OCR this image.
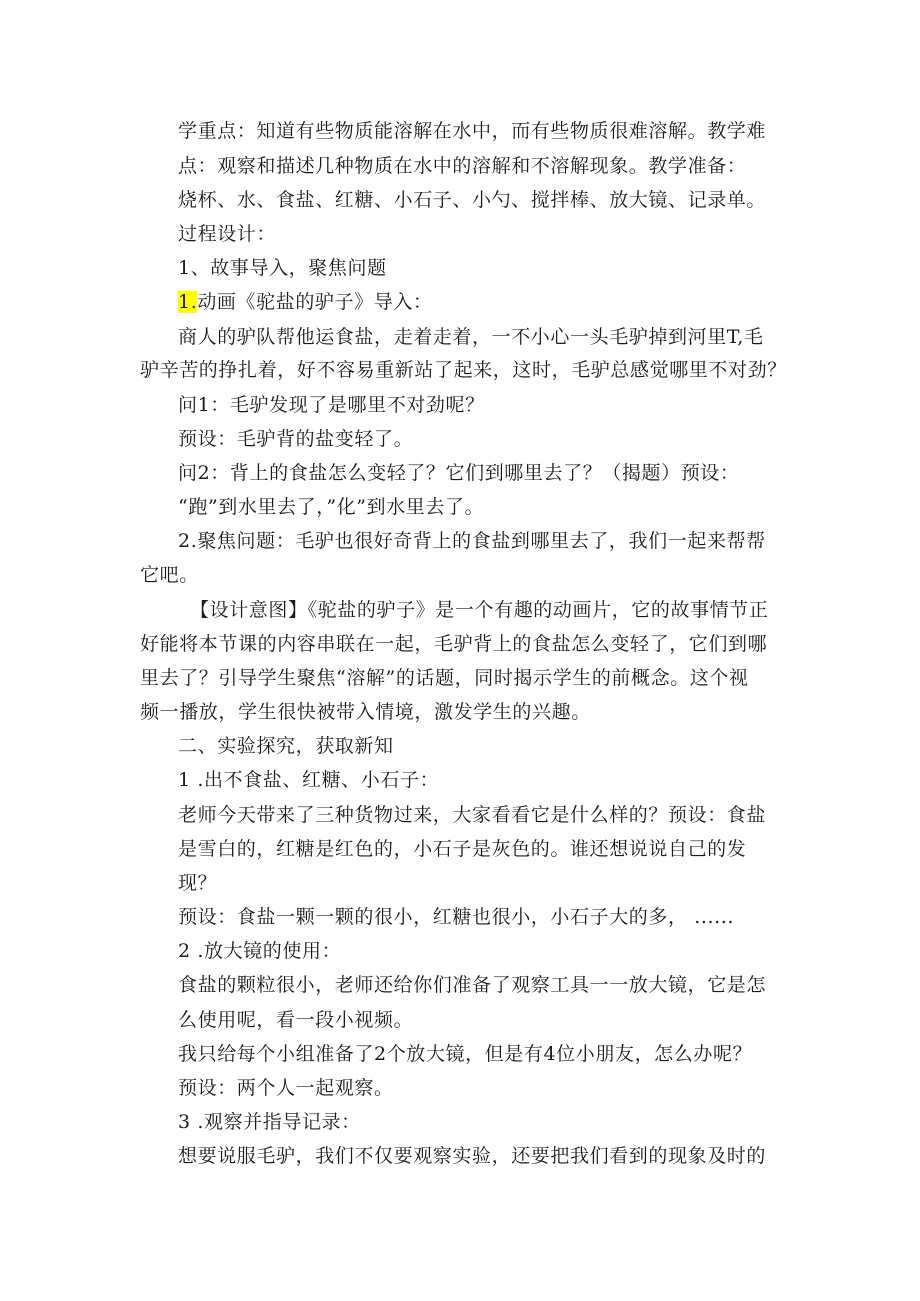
学重点：知道有些物质能溶解在水中，而有些物质很难溶解。教学难
点：观察和描述几种物质在水中的溶解和不溶解现象。教学准备：
烧杯、水、食盐、红糖、小石子、小勺、搅拌棒、放大镜、记录单。
过程设计：
1、故事导入，聚焦问题
1.动画《驼盐的驴子》导入：
商人的驴队帮他运食盐，走着走着，一不小心一头毛驴掉到河里T,毛
驴辛苦的挣扎着，好不容易重新站了起来，这时，毛驴总感觉哪里不对劲？
问1：毛驴发现了是哪里不对劲呢？
预设：毛驴背的盐变轻了。
问2：背上的食盐怎么变轻了？它们到哪里去了？（揭题）预设：
“跑”到水里去了，”化”到水里去了。
2.聚焦问题：毛驴也很好奇背上的食盐到哪里去了，我们一起来帮帮
它吧。
【设计意图】《驼盐的驴子》是一个有趣的动画片，它的故事情节正
好能将本节课的内容串联在一起，毛驴背上的食盐怎么变轻了，它们到哪
里去了？引导学生聚焦“溶解”的话题，同时揭示学生的前概念。这个视
频一播放，学生很快被带入情境，激发学生的兴趣。
二、实验探究，获取新知
1 .出不食盐、红糖、小石子：
老师今天带来了三种货物过来，大家看看它是什么样的？预设：食盐
是雪白的，红糖是红色的，小石子是灰色的。谁还想说说自己的发
现？
预设：食盐一颗一颗的很小，红糖也很小，小石子大的多， ......
2 .放大镜的使用：
食盐的颗粒很小，老师还给你们准备了观察工具一一放大镜，它是怎
么使用呢，看一段小视频。
我只给每个小组准备了2个放大镜，但是有4位小朋友，怎么办呢？
预设：两个人一起观察。
3 .观察并指导记录：
想要说服毛驴，我们不仅要观察实验，还要把我们看到的现象及时的
